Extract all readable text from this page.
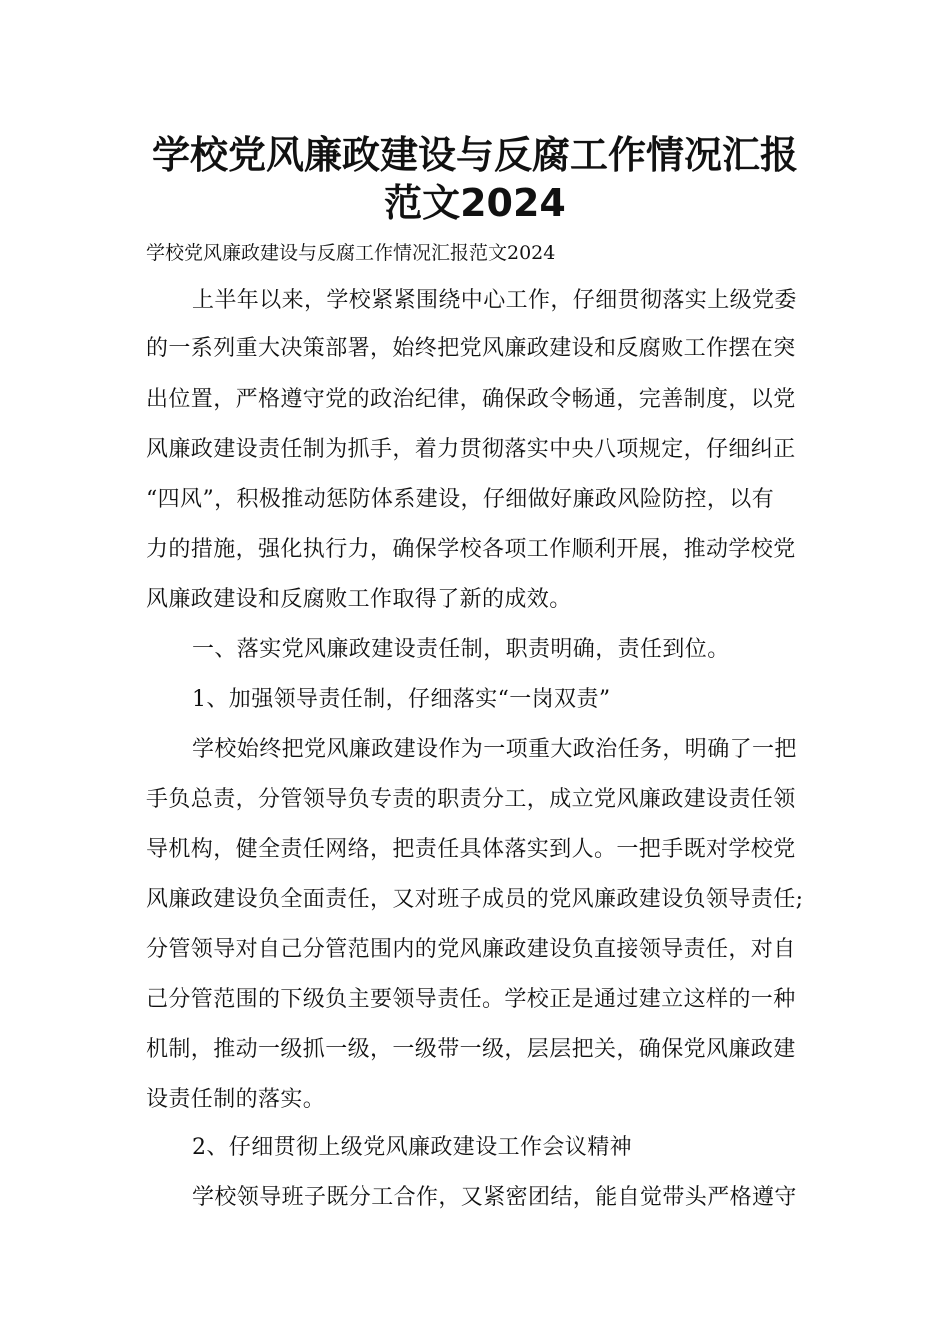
学校党风廉政建设与反腐工作情况汇报
范文2024

学校党风廉政建设与反腐工作情况汇报范文2024

上半年以来，学校紧紧围绕中心工作，仔细贯彻落实上级党委

的一系列重大决策部署，始终把党风廉政建设和反腐败工作摆在突

出位置，严格遵守党的政治纪律，确保政令畅通，完善制度，以党

风廉政建设责任制为抓手，着力贯彻落实中央八项规定，仔细纠正

“四风”，积极推动惩防体系建设，仔细做好廉政风险防控，以有

力的措施，强化执行力，确保学校各项工作顺利开展，推动学校党

风廉政建设和反腐败工作取得了新的成效。

一、落实党风廉政建设责任制，职责明确，责任到位。

1、加强领导责任制，仔细落实“一岗双责”

学校始终把党风廉政建设作为一项重大政治任务，明确了一把

手负总责，分管领导负专责的职责分工，成立党风廉政建设责任领

导机构，健全责任网络，把责任具体落实到人。一把手既对学校党

风廉政建设负全面责任，又对班子成员的党风廉政建设负领导责任;

分管领导对自己分管范围内的党风廉政建设负直接领导责任，对自

己分管范围的下级负主要领导责任。学校正是通过建立这样的一种

机制，推动一级抓一级，一级带一级，层层把关，确保党风廉政建

设责任制的落实。

2、仔细贯彻上级党风廉政建设工作会议精神

学校领导班子既分工合作，又紧密团结，能自觉带头严格遵守
